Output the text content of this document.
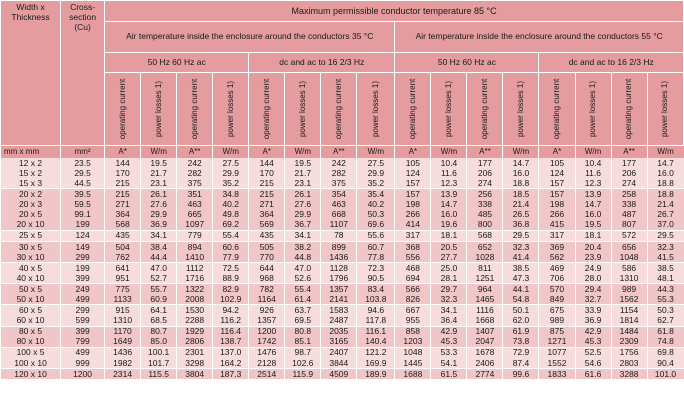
Width x Thickness	Cross-section (Cu)	Maximum permissible conductor temperature 85 °C															
		Air temperature inside the enclosure around the conductors 35 °C								Air temperature inside the enclosure around the conductors 55 °C							
		50 Hz 60 Hz ac				dc and ac to 16 2/3 Hz				50 Hz 60 Hz ac				dc and ac to 16 2/3 Hz			

		operating current	power losses 1)	operating current	power losses 1)	operating current	power losses 1)	operating current	power losses 1)	operating current	power losses 1)	operating current	power losses 1)	operating current	power losses 1)	operating current	power losses 1)

mm x mm	mm²	A*	W/m	A**	W/m	A*	W/m	A**	W/m	A*	W/m	A**	W/m	A*	W/m	A**	W/m
12 x 2	23.5	144	19.5	242	27.5	144	19.5	242	27.5	105	10.4	177	14.7	105	10.4	177	14.7
15 x 2	29.5	170	21.7	282	29.9	170	21.7	282	29.9	124	11.6	206	16.0	124	11.6	206	16.0
15 x 3	44.5	215	23.1	375	35.2	215	23.1	375	35.2	157	12.3	274	18.8	157	12.3	274	18.8
20 x 2	39.5	215	26.1	351	34.8	215	26.1	354	35.4	157	13.9	256	18.5	157	13.9	258	18.8
20 x 3	59.5	271	27.6	463	40.2	271	27.6	463	40.2	198	14.7	338	21.4	198	14.7	338	21.4
20 x 5	99.1	364	29.9	665	49.8	364	29.9	668	50.3	266	16.0	485	26.5	266	16.0	487	26.7
20 x 10	199	568	36.9	1097	69.2	569	36.7	1107	69.6	414	19.6	800	36.8	415	19.5	807	37.0
25 x 5	124	435	34.1	779	55.4	435	34.1	78	55.6	317	18.1	568	29.5	317	18.1	572	29.5
30 x 5	149	504	38.4	894	60.6	505	38.2	899	60.7	368	20.5	652	32.3	369	20.4	656	32.3
30 x 10	299	762	44.4	1410	77.9	770	44.8	1436	77.8	556	27.7	1028	41.4	562	23.9	1048	41.5
40 x 5	199	641	47.0	1112	72.5	644	47.0	1128	72.3	468	25.0	811	38.5	469	24.9	586	38.5
40 x 10	399	951	52.7	1716	88.9	968	52.6	1796	90.5	694	28.1	1251	47.3	706	28.0	1310	48.1
50 x 5	249	775	55.7	1322	82.9	782	55.4	1357	83.4	566	29.7	964	44.1	570	29.4	989	44.3
50 x 10	499	1133	60.9	2008	102.9	1164	61.4	2141	103.8	826	32.3	1465	54.8	849	32.7	1562	55.3
60 x 5	299	915	64.1	1530	94.2	926	63.7	1583	94.6	667	34.1	1116	50.1	675	33.9	1154	50.3
60 x 10	599	1310	68.5	2288	116.2	1357	69.5	2487	117.8	955	36.4	1668	62.0	989	36.9	1814	62.7
80 x 5	399	1170	80.7	1929	116.4	1200	80.8	2035	116.1	858	42.9	1407	61.9	875	42.9	1484	61.8
80 x 10	799	1649	85.0	2806	138.7	1742	85.1	3165	140.4	1203	45.3	2047	73.8	1271	45.3	2309	74.8
100 x 5	499	1436	100.1	2301	137.0	1476	98.7	2407	121.2	1048	53.3	1678	72.9	1077	52.5	1756	69.8
100 x 10	999	1982	101.7	3298	164.2	2128	102.6	3844	169.9	1445	54.1	2406	87.4	1552	54.6	2803	90.4
120 x 10	1200	2314	115.5	3804	187.3	2514	115.9	4509	189.9	1688	61.5	2774	99.6	1833	61.6	3288	101.0
